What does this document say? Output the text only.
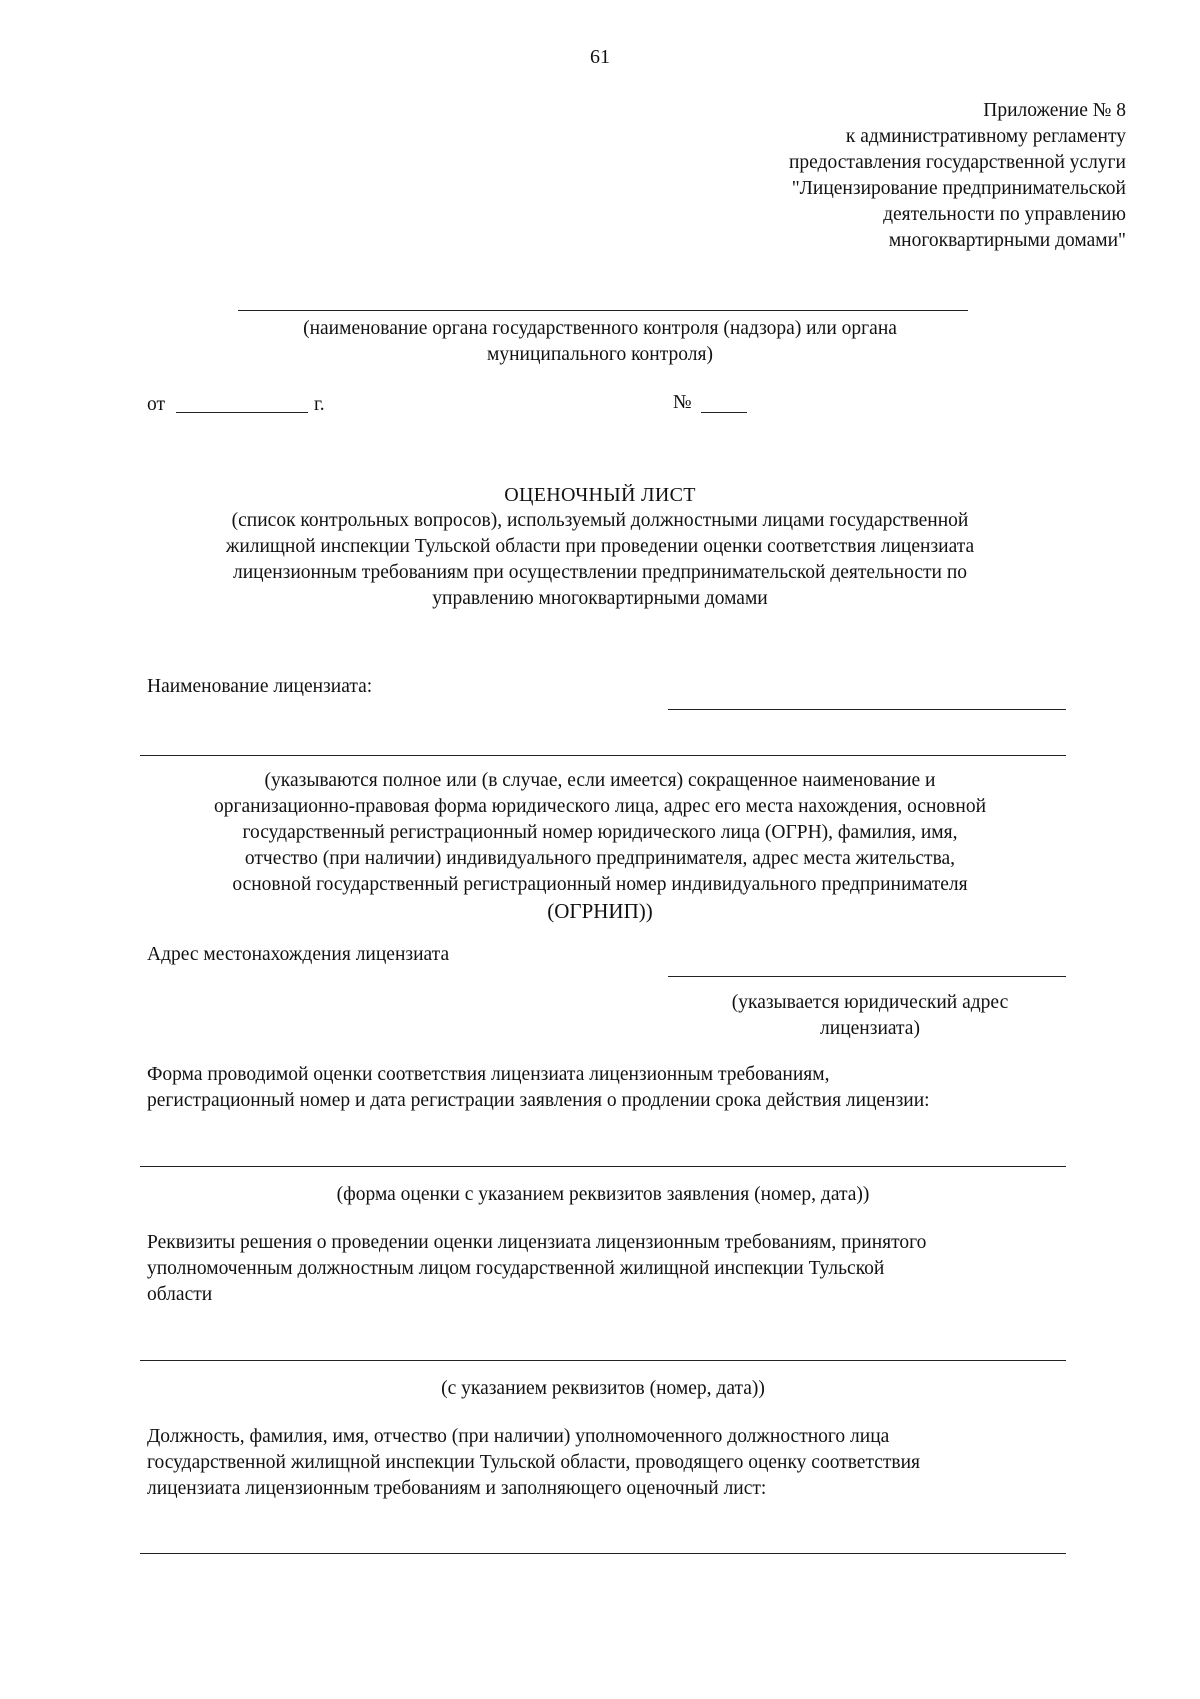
61
Приложение № 8
к административному регламенту
предоставления государственной услуги
"Лицензирование предпринимательской
деятельности по управлению
многоквартирными домами"
(наименование органа государственного контроля (надзора) или органа
муниципального контроля)
от	г.	№
ОЦЕНОЧНЫЙ ЛИСТ
(список контрольных вопросов), используемый должностными лицами государственной
жилищной инспекции Тульской области при проведении оценки соответствия лицензиата
лицензионным требованиям при осуществлении предпринимательской деятельности по
управлению многоквартирными домами
Наименование лицензиата:
(указываются полное или (в случае, если имеется) сокращенное наименование и
организационно-правовая форма юридического лица, адрес его места нахождения, основной
государственный регистрационный номер юридического лица (ОГРН), фамилия, имя,
отчество (при наличии) индивидуального предпринимателя, адрес места жительства,
основной государственный регистрационный номер индивидуального предпринимателя
(ОГРНИП))
Адрес местонахождения лицензиата
(указывается юридический адрес
лицензиата)
Форма проводимой оценки соответствия лицензиата лицензионным требованиям,
регистрационный номер и дата регистрации заявления о продлении срока действия лицензии:
(форма оценки с указанием реквизитов заявления (номер, дата))
Реквизиты решения о проведении оценки лицензиата лицензионным требованиям, принятого
уполномоченным должностным лицом государственной жилищной инспекции Тульской
области
(с указанием реквизитов (номер, дата))
Должность, фамилия, имя, отчество (при наличии) уполномоченного должностного лица
государственной жилищной инспекции Тульской области, проводящего оценку соответствия
лицензиата лицензионным требованиям и заполняющего оценочный лист:
